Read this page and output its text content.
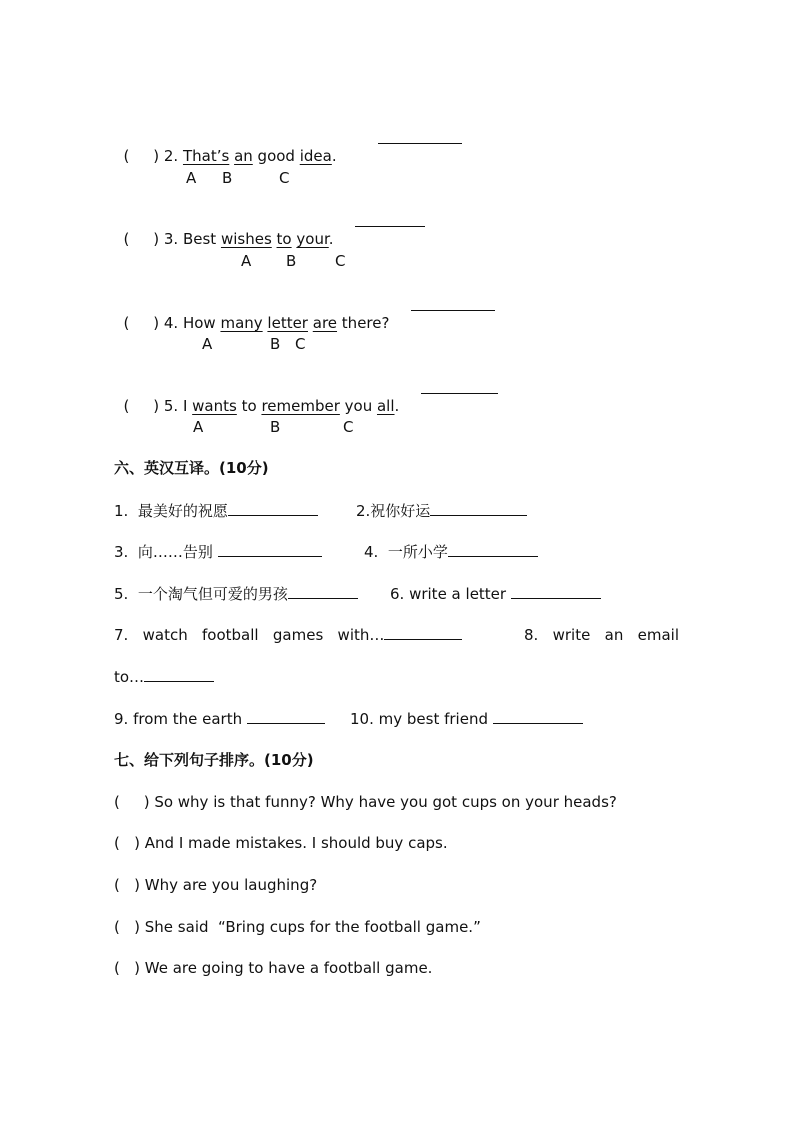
(     ) 2. That’s an good idea.

A B	C

(     ) 3. Best wishes to your.

A B	C

(     ) 4. How many letter are there?

A	B C

(     ) 5. I wants to remember you all.

A	B	C
六、英汉互译。(10分)
1.  最美好的祝愿	2.祝你好运
3.  向……告别	4.  一所小学
5.  一个淘气但可爱的男孩	6. write a letter
7.   watch   football   games   with…	8.   write   an   email
to…
9. from the earth	10. my best friend
七、给下列句子排序。(10分)
(     ) So why is that funny? Why have you got cups on your heads?
(   ) And I made mistakes. I should buy caps.
(   ) Why are you laughing?
(   ) She said  “Bring cups for the football game.”
(   ) We are going to have a football game.
